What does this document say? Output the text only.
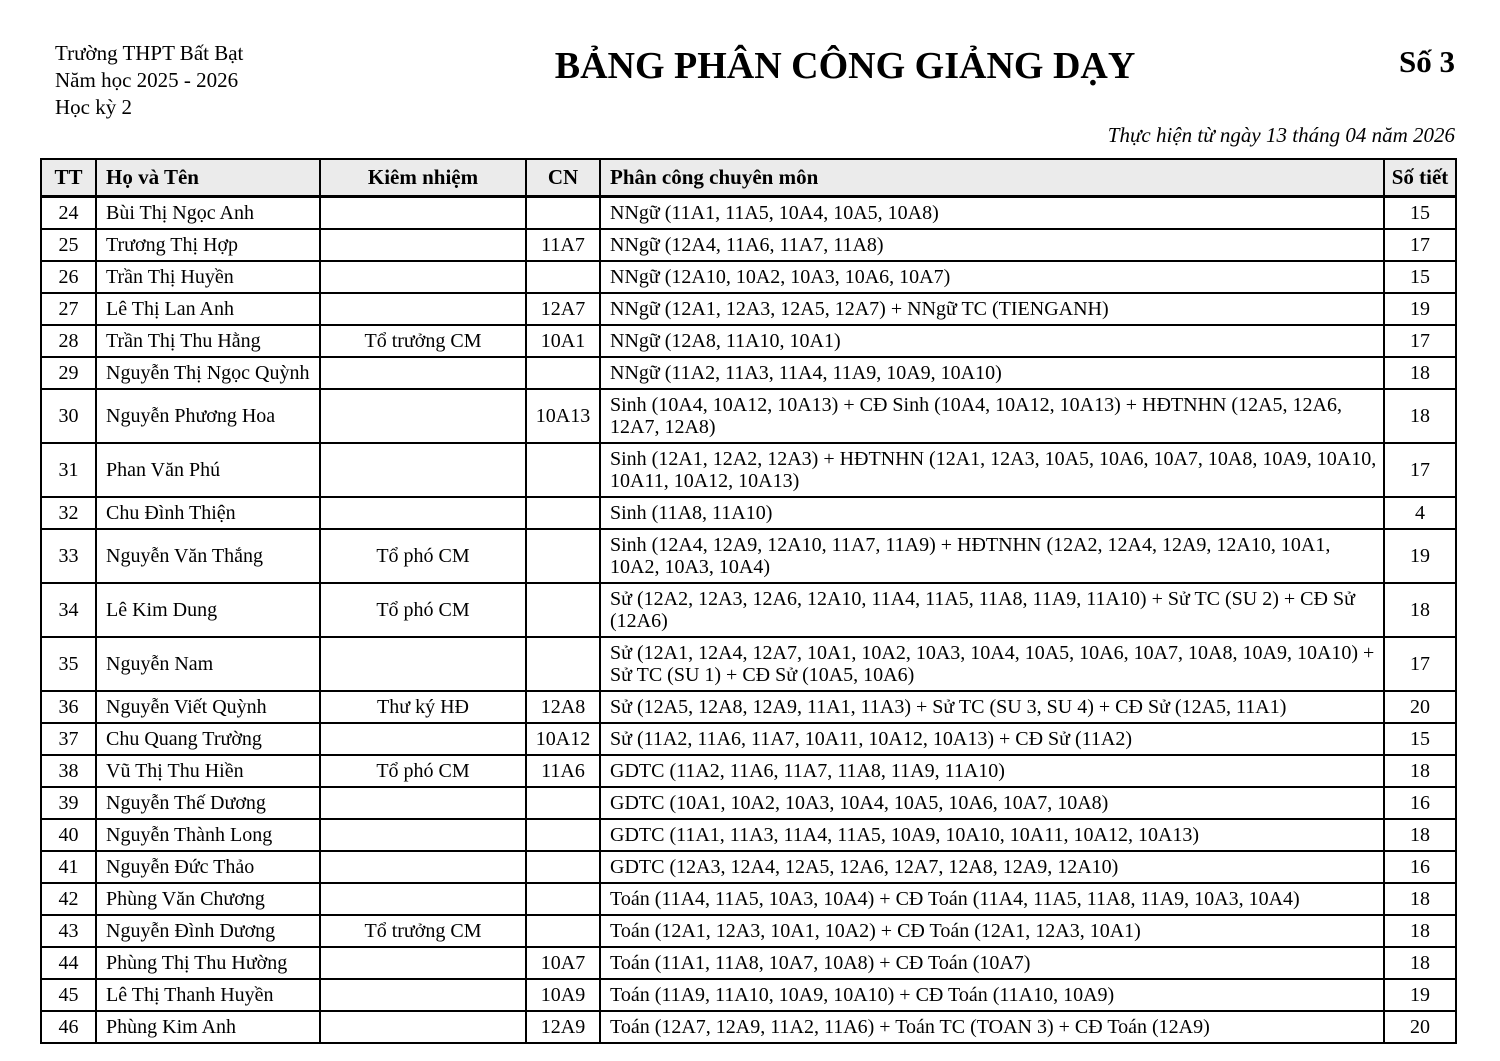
Trường THPT Bất Bạt
Năm học 2025 - 2026
Học kỳ 2
BẢNG PHÂN CÔNG GIẢNG DẠY	Số 3
Thực hiện từ ngày 13 tháng 04 năm 2026
TT	Họ và Tên	Kiêm nhiệm	CN	Phân công chuyên môn	Số tiết
24	Bùi Thị Ngọc Anh			NNgữ (11A1, 11A5, 10A4, 10A5, 10A8)	15
25	Trương Thị Hợp		11A7	NNgữ (12A4, 11A6, 11A7, 11A8)	17
26	Trần Thị Huyền			NNgữ (12A10, 10A2, 10A3, 10A6, 10A7)	15
27	Lê Thị Lan Anh		12A7	NNgữ (12A1, 12A3, 12A5, 12A7) + NNgữ TC (TIENGANH)	19
28	Trần Thị Thu Hằng	Tổ trưởng CM	10A1	NNgữ (12A8, 11A10, 10A1)	17
29	Nguyễn Thị Ngọc Quỳnh			NNgữ (11A2, 11A3, 11A4, 11A9, 10A9, 10A10)	18
30	Nguyễn Phương Hoa		10A13	Sinh (10A4, 10A12, 10A13) + CĐ Sinh (10A4, 10A12, 10A13) + HĐTNHN (12A5, 12A6, 12A7, 12A8)	18
31	Phan Văn Phú			Sinh (12A1, 12A2, 12A3) + HĐTNHN (12A1, 12A3, 10A5, 10A6, 10A7, 10A8, 10A9, 10A10, 10A11, 10A12, 10A13)	17
32	Chu Đình Thiện			Sinh (11A8, 11A10)	4
33	Nguyễn Văn Thắng	Tổ phó CM		Sinh (12A4, 12A9, 12A10, 11A7, 11A9) + HĐTNHN (12A2, 12A4, 12A9, 12A10, 10A1, 10A2, 10A3, 10A4)	19
34	Lê Kim Dung	Tổ phó CM		Sử (12A2, 12A3, 12A6, 12A10, 11A4, 11A5, 11A8, 11A9, 11A10) + Sử TC (SU 2) + CĐ Sử (12A6)	18
35	Nguyễn Nam			Sử (12A1, 12A4, 12A7, 10A1, 10A2, 10A3, 10A4, 10A5, 10A6, 10A7, 10A8, 10A9, 10A10) + Sử TC (SU 1) + CĐ Sử (10A5, 10A6)	17
36	Nguyễn Viết Quỳnh	Thư ký HĐ	12A8	Sử (12A5, 12A8, 12A9, 11A1, 11A3) + Sử TC (SU 3, SU 4) + CĐ Sử (12A5, 11A1)	20
37	Chu Quang Trường		10A12	Sử (11A2, 11A6, 11A7, 10A11, 10A12, 10A13) + CĐ Sử (11A2)	15
38	Vũ Thị Thu Hiền	Tổ phó CM	11A6	GDTC (11A2, 11A6, 11A7, 11A8, 11A9, 11A10)	18
39	Nguyễn Thế Dương			GDTC (10A1, 10A2, 10A3, 10A4, 10A5, 10A6, 10A7, 10A8)	16
40	Nguyễn Thành Long			GDTC (11A1, 11A3, 11A4, 11A5, 10A9, 10A10, 10A11, 10A12, 10A13)	18
41	Nguyễn Đức Thảo			GDTC (12A3, 12A4, 12A5, 12A6, 12A7, 12A8, 12A9, 12A10)	16
42	Phùng Văn Chương			Toán (11A4, 11A5, 10A3, 10A4) + CĐ Toán (11A4, 11A5, 11A8, 11A9, 10A3, 10A4)	18
43	Nguyễn Đình Dương	Tổ trưởng CM		Toán (12A1, 12A3, 10A1, 10A2) + CĐ Toán (12A1, 12A3, 10A1)	18
44	Phùng Thị Thu Hường		10A7	Toán (11A1, 11A8, 10A7, 10A8) + CĐ Toán (10A7)	18
45	Lê Thị Thanh Huyền		10A9	Toán (11A9, 11A10, 10A9, 10A10) + CĐ Toán (11A10, 10A9)	19
46	Phùng Kim Anh		12A9	Toán (12A7, 12A9, 11A2, 11A6) + Toán TC (TOAN 3) + CĐ Toán (12A9)	20
